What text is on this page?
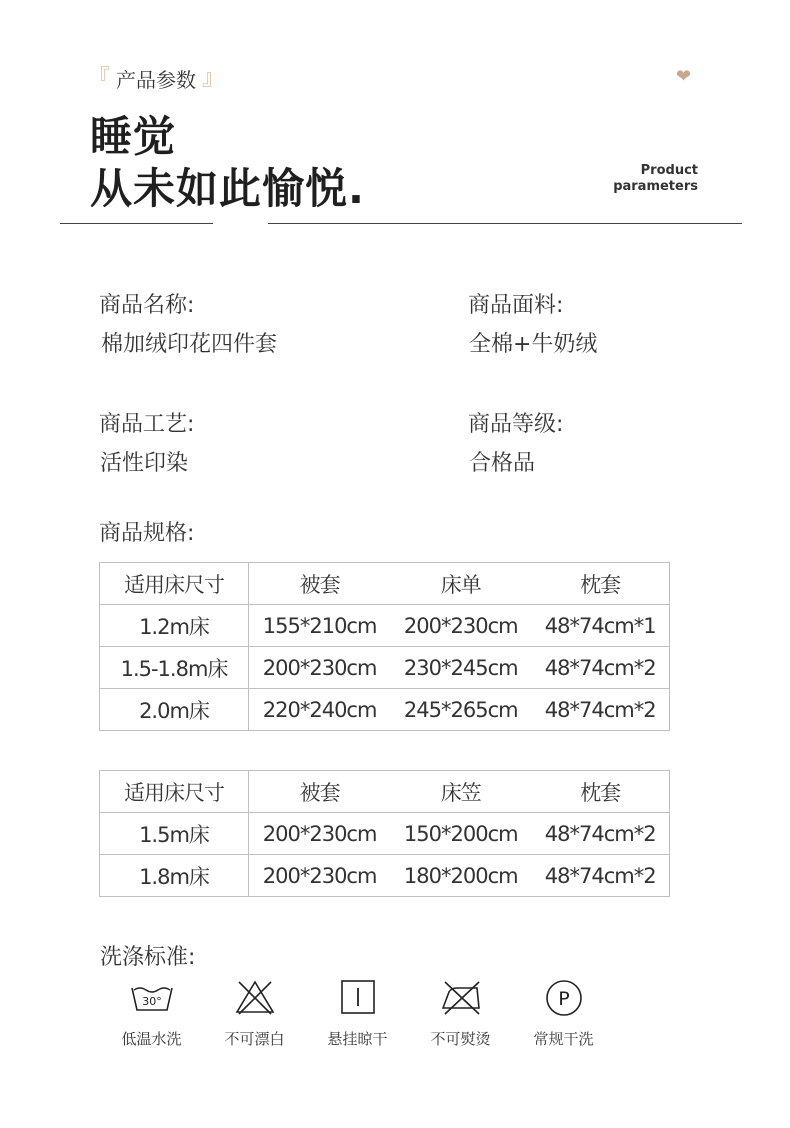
『 产品参数 』	❤
睡觉
从未如此愉悦.	Product
parameters
商品名称:
棉加绒印花四件套
商品面料:
全棉+牛奶绒
商品工艺:
活性印染
商品等级:
合格品
商品规格:
适用床尺寸	被套	床单	枕套
1.2m床	155*210cm	200*230cm	48*74cm*1
1.5-1.8m床	200*230cm	230*245cm	48*74cm*2
2.0m床	220*240cm	245*265cm	48*74cm*2
适用床尺寸	被套	床笠	枕套
1.5m床	200*230cm	150*200cm	48*74cm*2
1.8m床	200*230cm	180*200cm	48*74cm*2
洗涤标准:
30°
低温水洗	不可漂白	悬挂晾干	不可熨烫
P
常规干洗
